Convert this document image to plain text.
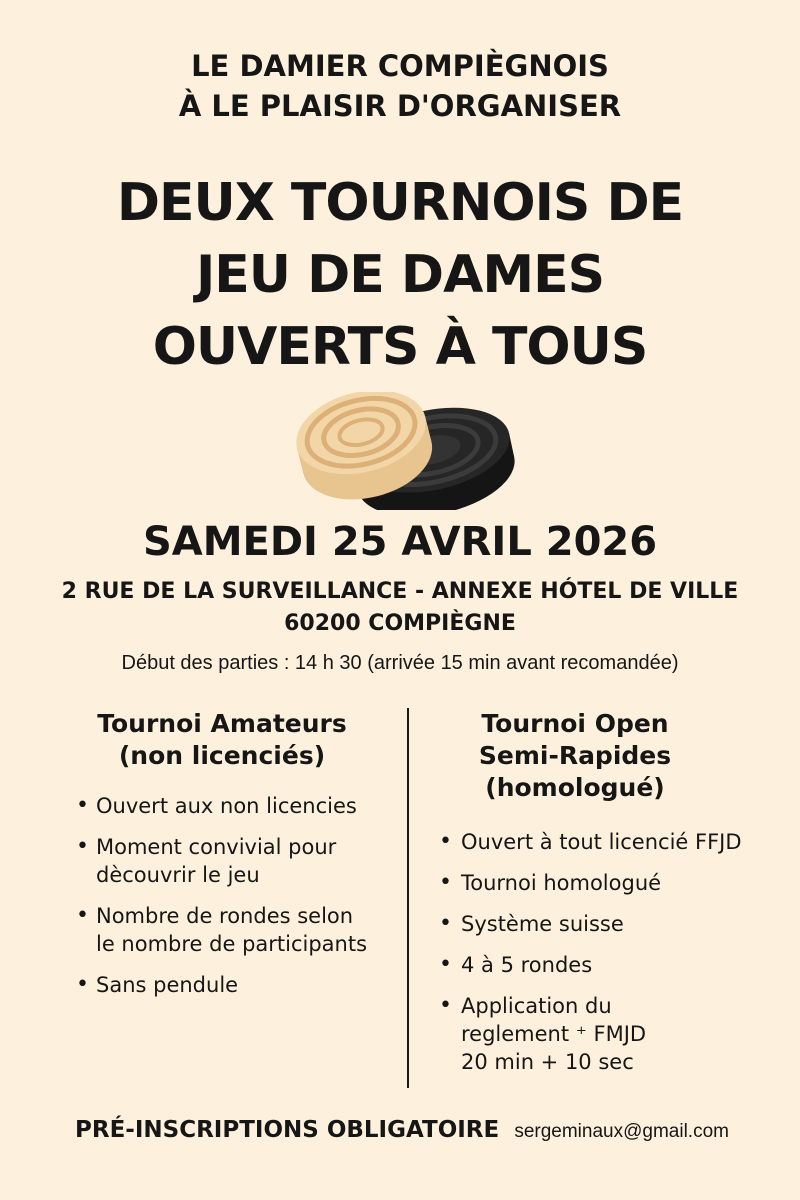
LE DAMIER COMPIÈGNOIS
À LE PLAISIR D'ORGANISER
DEUX TOURNOIS DE
JEU DE DAMES
OUVERTS À TOUS
SAMEDI 25 AVRIL 2026
2 RUE DE LA SURVEILLANCE - ANNEXE HÓTEL DE VILLE
60200 COMPIÈGNE
Début des parties : 14 h 30 (arrivée 15 min avant recomandée)
Tournoi Amateurs
(non licenciés)
• Ouvert aux non licencies
• Moment convivial pour
dècouvrir le jeu
• Nombre de rondes selon
le nombre de participants
• Sans pendule
Tournoi Open
Semi-Rapides
(homologué)
• Ouvert à tout licencié FFJD
• Tournoi homologué
• Système suisse
• 4 à 5 rondes
• Application du
reglement ⁺ FMJD
20 min + 10 sec
PRÉ-INSCRIPTIONS OBLIGATOIRE sergeminaux@gmail.com
